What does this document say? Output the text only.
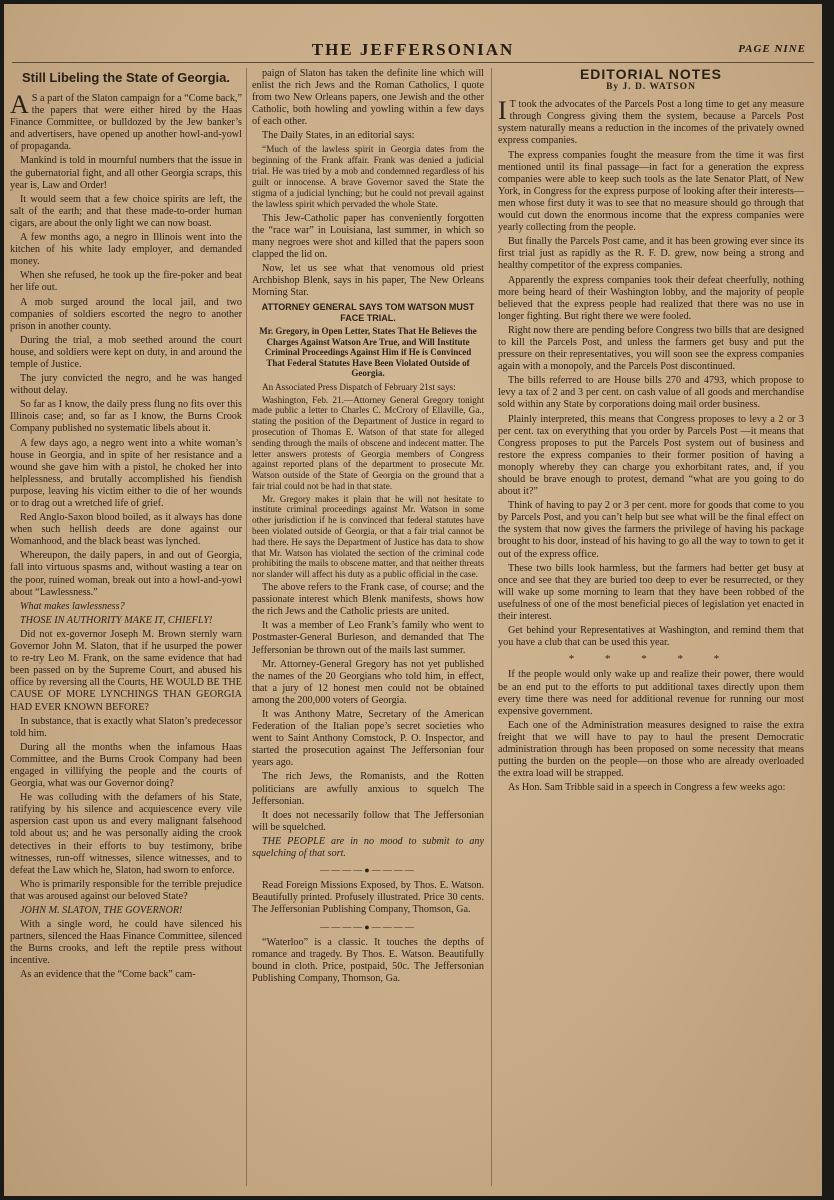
THE JEFFERSONIAN	PAGE NINE
Still Libeling the State of Georgia.

A S a part of the Slaton campaign for a “Come back,” the papers that were either hired by the Haas Finance Committee, or bulldozed by the Jew banker’s and advertisers, have opened up another howl-and-yowl of propaganda.

Mankind is told in mournful numbers that the issue in the gubernatorial fight, and all other Georgia scraps, this year is, Law and Order!

It would seem that a few choice spirits are left, the salt of the earth; and that these made-to-order human cigars, are about the only light we can now boast.

A few months ago, a negro in Illinois went into the kitchen of his white lady employer, and demanded money.

When she refused, he took up the fire-poker and beat her life out.

A mob surged around the local jail, and two companies of soldiers escorted the negro to another prison in another county.

During the trial, a mob seethed around the court house, and soldiers were kept on duty, in and around the temple of Justice.

The jury convicted the negro, and he was hanged without delay.

So far as I know, the daily press flung no fits over this Illinois case; and, so far as I know, the Burns Crook Company published no systematic libels about it.

A few days ago, a negro went into a white woman’s house in Georgia, and in spite of her resistance and a wound she gave him with a pistol, he choked her into helplessness, and brutally accomplished his fiendish purpose, leaving his victim either to die of her wounds or to drag out a wretched life of grief.

Red Anglo-Saxon blood boiled, as it always has done when such hellish deeds are done against our Womanhood, and the black beast was lynched.

Whereupon, the daily papers, in and out of Georgia, fall into virtuous spasms and, without wasting a tear on the poor, ruined woman, break out into a howl-and-yowl about “Lawlessness.”

What makes lawlessness?

THOSE IN AUTHORITY MAKE IT, CHIEFLY!

Did not ex-governor Joseph M. Brown sternly warn Governor John M. Slaton, that if he usurped the power to re-try Leo M. Frank, on the same evidence that had been passed on by the Supreme Court, and abused his office by reversing all the Courts, HE WOULD BE THE CAUSE OF MORE LYNCHINGS THAN GEORGIA HAD EVER KNOWN BEFORE?

In substance, that is exactly what Slaton’s predecessor told him.

During all the months when the infamous Haas Committee, and the Burns Crook Company had been engaged in villifying the people and the courts of Georgia, what was our Governor doing?

He was colluding with the defamers of his State, ratifying by his silence and acquiescence every vile aspersion cast upon us and every malignant falsehood told about us; and he was personally aiding the crook detectives in their efforts to buy testimony, bribe witnesses, run-off witnesses, silence witnesses, and to defeat the Law which he, Slaton, had sworn to enforce.

Who is primarily responsible for the terrible prejudice that was aroused against our beloved State?

JOHN M. SLATON, THE GOVERNOR!

With a single word, he could have silenced his partners, silenced the Haas Finance Committee, silenced the Burns crooks, and left the reptile press without incentive.

As an evidence that the “Come back” cam-

paign of Slaton has taken the definite line which will enlist the rich Jews and the Roman Catholics, I quote from two New Orleans papers, one Jewish and the other Catholic, both howling and yowling within a few days of each other.

The Daily States, in an editorial says:

“Much of the lawless spirit in Georgia dates from the beginning of the Frank affair. Frank was denied a judicial trial. He was tried by a mob and condemned regardless of his guilt or innocense. A brave Governor saved the State the stigma of a judicial lynching; but he could not prevail against the lawless spirit which pervaded the whole State.

This Jew-Catholic paper has conveniently forgotten the “race war” in Louisiana, last summer, in which so many negroes were shot and killed that the papers soon clapped the lid on.

Now, let us see what that venomous old priest Archbishop Blenk, says in his paper, The New Orleans Morning Star.

ATTORNEY GENERAL SAYS TOM WATSON MUST FACE TRIAL.
Mr. Gregory, in Open Letter, States That He Believes the Charges Against Watson Are True, and Will Institute Criminal Proceedings Against Him if He is Convinced That Federal Statutes Have Been Violated Outside of Georgia.

An Associated Press Dispatch of February 21st says:

Washington, Feb. 21.—Attorney General Gregory tonight made public a letter to Charles C. McCrory of Ellaville, Ga., stating the position of the Department of Justice in regard to prosecution of Thomas E. Watson of that state for alleged sending through the mails of obscene and indecent matter. The letter answers protests of Georgia members of Congress against reported plans of the department to prosecute Mr. Watson outside of the State of Georgia on the ground that a fair trial could not be had in that state.

Mr. Gregory makes it plain that he will not hesitate to institute criminal proceedings against Mr. Watson in some other jurisdiction if he is convinced that federal statutes have been violated outside of Georgia, or that a fair trial cannot be had there. He says the Department of Justice has data to show that Mr. Watson has violated the section of the criminal code prohibiting the mails to obscene matter, and that neither threats nor slander will affect his duty as a public official in the case.

The above refers to the Frank case, of course; and the passionate interest which Blenk manifests, shows how the rich Jews and the Catholic priests are united.

It was a member of Leo Frank’s family who went to Postmaster-General Burleson, and demanded that The Jeffersonian be thrown out of the mails last summer.

Mr. Attorney-General Gregory has not yet published the names of the 20 Georgians who told him, in effect, that a jury of 12 honest men could not be obtained among the 200,000 voters of Georgia.

It was Anthony Matre, Secretary of the American Federation of the Italian pope’s secret societies who went to Saint Anthony Comstock, P. O. Inspector, and started the prosecution against The Jeffersonian four years ago.

The rich Jews, the Romanists, and the Rotten politicians are awfully anxious to squelch The Jeffersonian.

It does not necessarily follow that The Jeffersonian will be squelched.

THE PEOPLE are in no mood to submit to any squelching of that sort.

————●————

Read Foreign Missions Exposed, by Thos. E. Watson. Beautifully printed. Profusely illustrated. Price 30 cents. The Jeffersonian Publishing Company, Thomson, Ga.

————●————

“Waterloo” is a classic. It touches the depths of romance and tragedy. By Thos. E. Watson. Beautifully bound in cloth. Price, postpaid, 50c. The Jeffersonian Publishing Company, Thomson, Ga.

EDITORIAL NOTES
By J. D. WATSON

I T took the advocates of the Parcels Post a long time to get any measure through Congress giving them the system, because a Parcels Post system naturally means a reduction in the incomes of the privately owned express companies.

The express companies fought the measure from the time it was first mentioned until its final passage—in fact for a generation the express companies were able to keep such tools as the late Senator Platt, of New York, in Congress for the express purpose of looking after their interests—men whose first duty it was to see that no measure should go through that would cut down the enormous income that the express companies were yearly collecting from the people.

But finally the Parcels Post came, and it has been growing ever since its first trial just as rapidly as the R. F. D. grew, now being a strong and healthy competitor of the express companies.

Apparently the express companies took their defeat cheerfully, nothing more being heard of their Washington lobby, and the majority of people believed that the express people had realized that there was no use in longer fighting. But right there we were fooled.

Right now there are pending before Congress two bills that are designed to kill the Parcels Post, and unless the farmers get busy and put the pressure on their representatives, you will soon see the express companies again with a monopoly, and the Parcels Post discontinued.

The bills referred to are House bills 270 and 4793, which propose to levy a tax of 2 and 3 per cent. on cash value of all goods and merchandise sold within any State by corporations doing mail order business.

Plainly interpreted, this means that Congress proposes to levy a 2 or 3 per cent. tax on everything that you order by Parcels Post —it means that Congress proposes to put the Parcels Post system out of business and restore the express companies to their former position of having a monoply whereby they can charge you exhorbitant rates, and, if you should be brave enough to protest, demand “what are you going to do about it?”

Think of having to pay 2 or 3 per cent. more for goods that come to you by Parcels Post, and you can’t help but see what will be the final effect on the system that now gives the farmers the privilege of having his package brought to his door, instead of his having to go all the way to town to get it out of the express office.

These two bills look harmless, but the farmers had better get busy at once and see that they are buried too deep to ever be resurrected, or they will wake up some morning to learn that they have been robbed of the usefulness of one of the most beneficial pieces of legislation yet enacted in their interest.

Get behind your Representatives at Washington, and remind them that you have a club that can be used this year.

* * * * *

If the people would only wake up and realize their power, there would be an end put to the efforts to put additional taxes directly upon them every time there was need for additional revenue for running our most expensive government.

Each one of the Administration measures designed to raise the extra freight that we will have to pay to haul the present Democratic administration through has been proposed on some necessity that means putting the burden on the people—on those who are already overloaded the extra load will be strapped.

As Hon. Sam Tribble said in a speech in Congress a few weeks ago:
